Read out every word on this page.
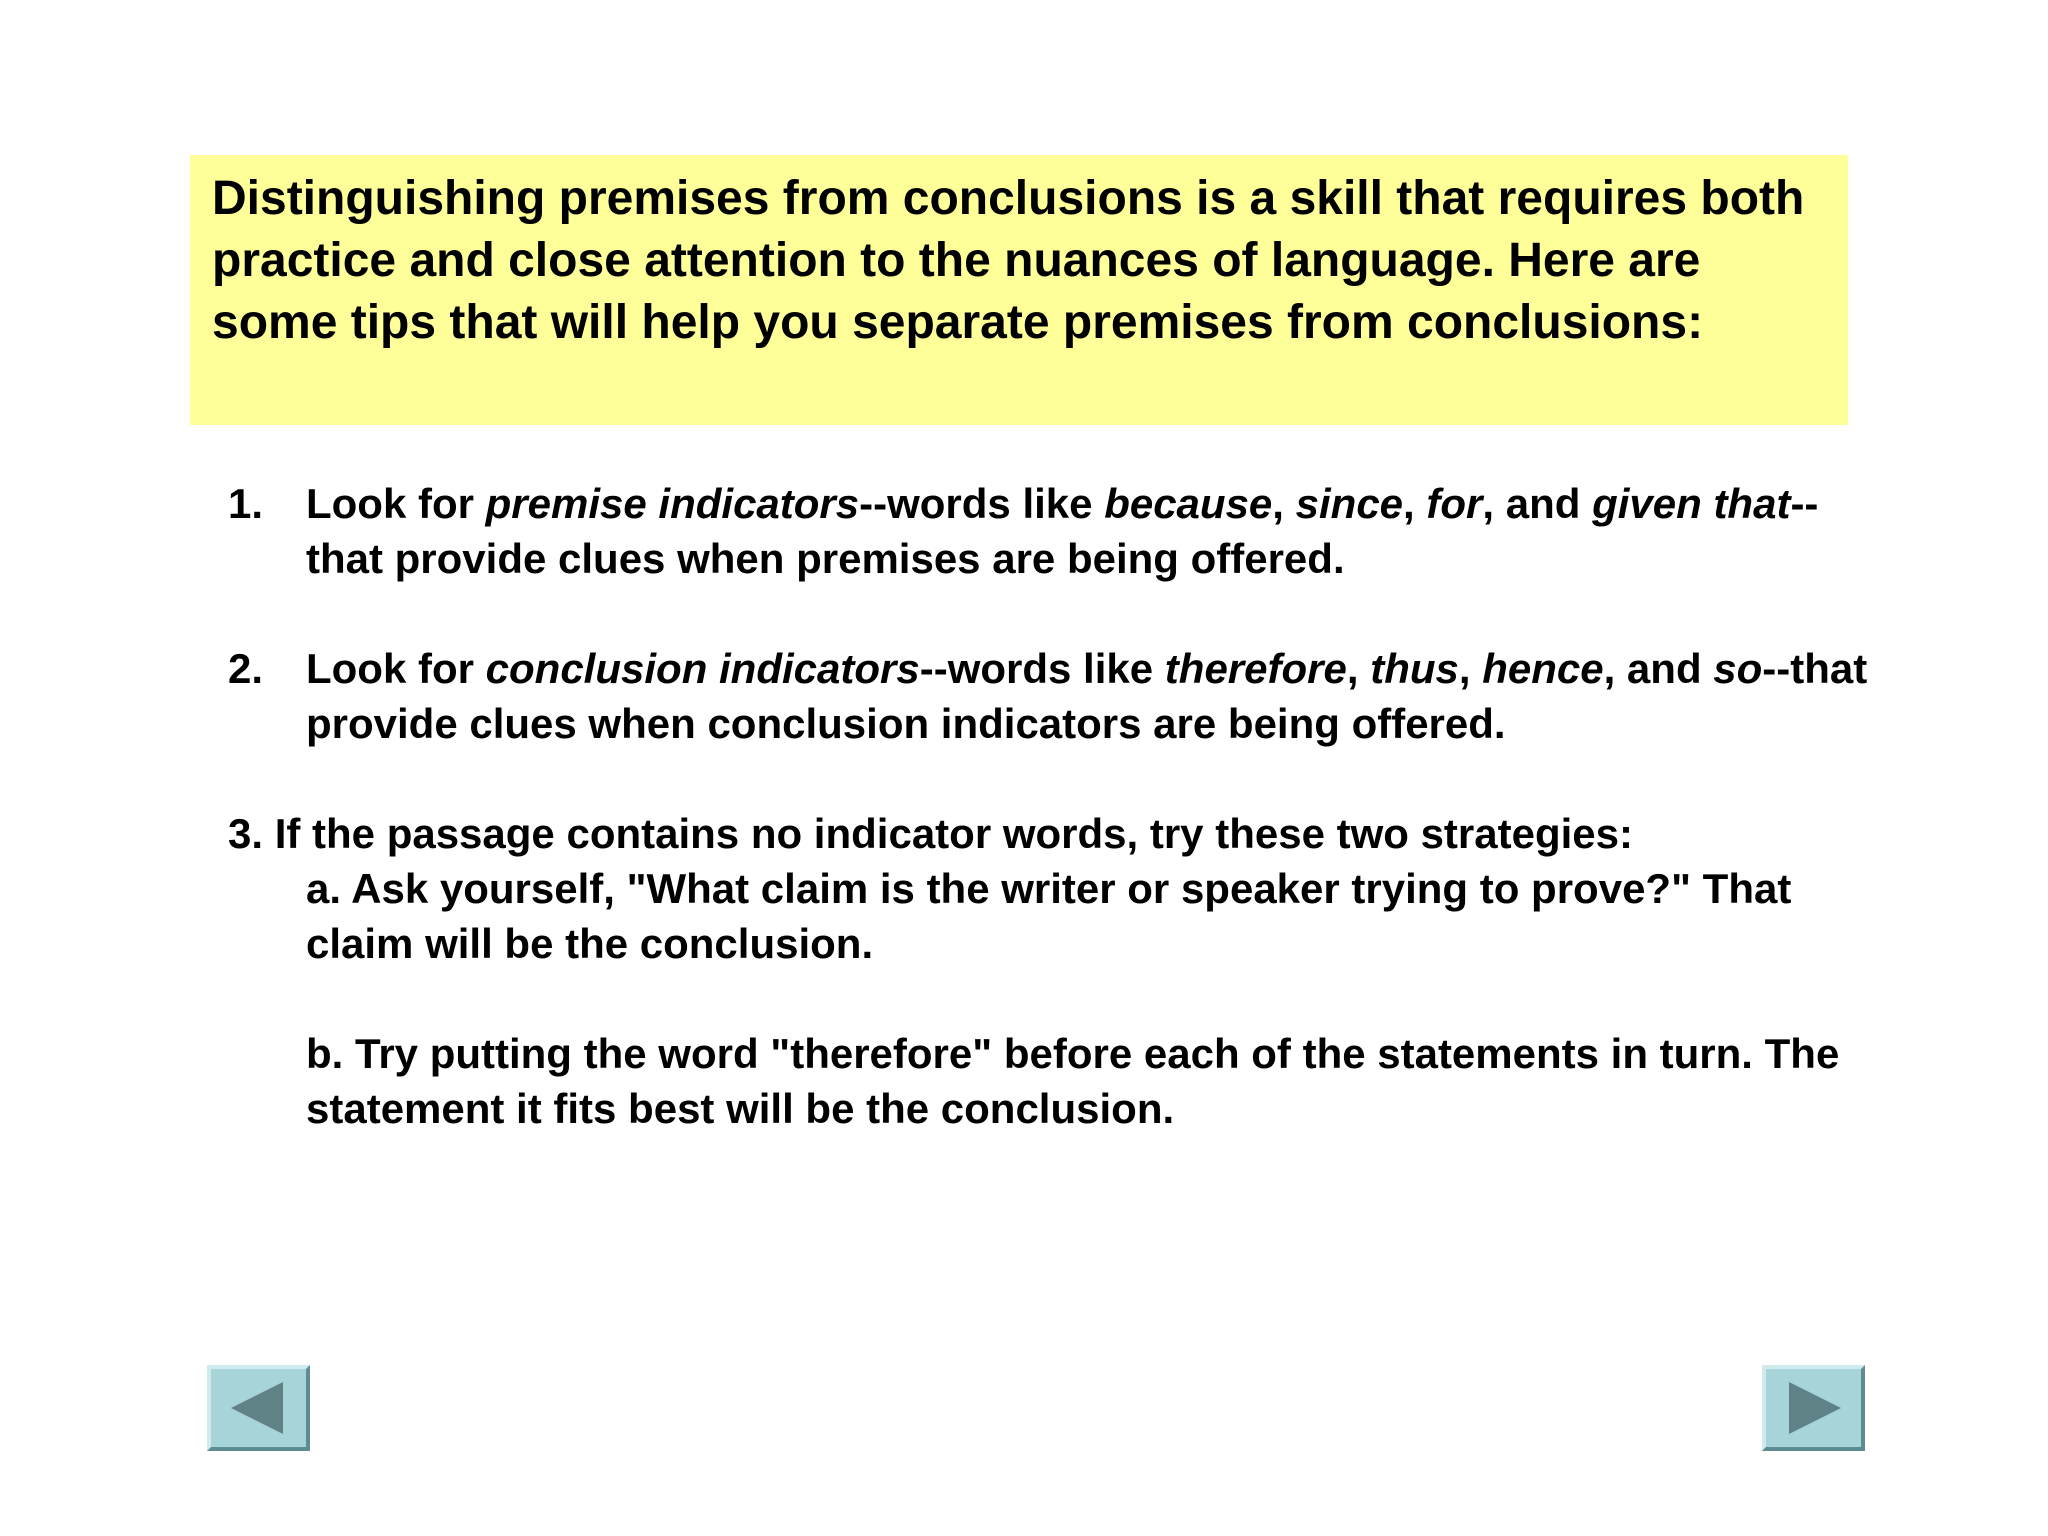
Distinguishing premises from conclusions is a skill that requires both practice and close attention to the nuances of language. Here are some tips that will help you separate premises from conclusions:

1.	Look for premise indicators--words like because, since, for, and given that--that provide clues when premises are being offered.
2.	Look for conclusion indicators--words like therefore, thus, hence, and so--that provide clues when conclusion indicators are being offered.

3. If the passage contains no indicator words, try these two strategies:

a. Ask yourself, "What claim is the writer or speaker trying to prove?" That claim will be the conclusion.

b. Try putting the word "therefore" before each of the statements in turn. The statement it fits best will be the conclusion.
